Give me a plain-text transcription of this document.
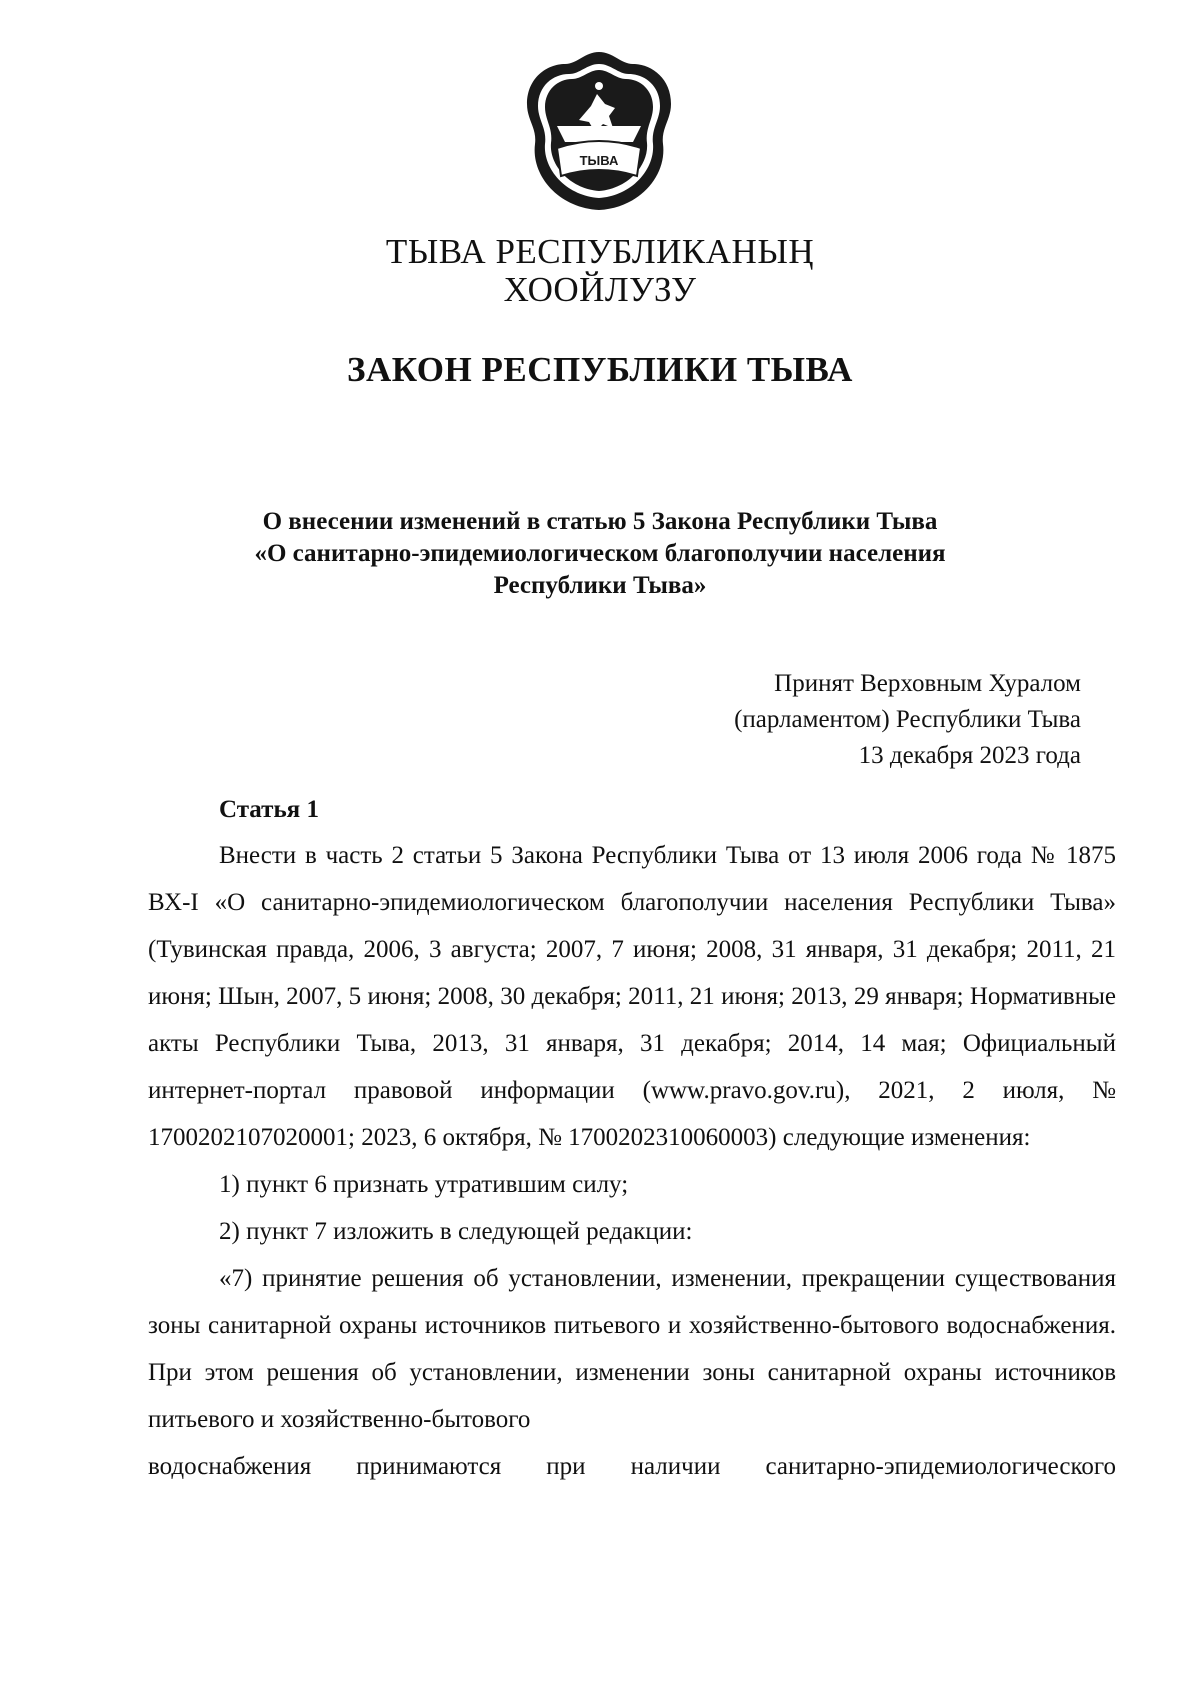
ТЫВА
ТЫВА РЕСПУБЛИКАНЫҢ
ХООЙЛУЗУ
ЗАКОН РЕСПУБЛИКИ ТЫВА
О внесении изменений в статью 5 Закона Республики Тыва
«О санитарно-эпидемиологическом благополучии населения
Республики Тыва»
Принят Верховным Хуралом
(парламентом) Республики Тыва
13 декабря 2023 года
Статья 1

Внести в часть 2 статьи 5 Закона Республики Тыва от 13 июля 2006 года № 1875 ВХ-I «О санитарно-эпидемиологическом благополучии населения Республики Тыва» (Тувинская правда, 2006, 3 августа; 2007, 7 июня; 2008, 31 января, 31 декабря; 2011, 21 июня; Шын, 2007, 5 июня; 2008, 30 декабря; 2011, 21 июня; 2013, 29 января; Нормативные акты Республики Тыва, 2013, 31 января, 31 декабря; 2014, 14 мая; Официальный интернет-портал правовой информации (www.pravo.gov.ru), 2021, 2 июля, № 1700202107020001; 2023, 6 октября, № 1700202310060003) следующие изменения:

1) пункт 6 признать утратившим силу;

2) пункт 7 изложить в следующей редакции:

«7) принятие решения об установлении, изменении, прекращении существования зоны санитарной охраны источников питьевого и хозяйственно-бытового водоснабжения. При этом решения об установлении, изменении зоны санитарной охраны источников питьевого и хозяйственно-бытового

водоснабжения принимаются при наличии санитарно-эпидемиологического
